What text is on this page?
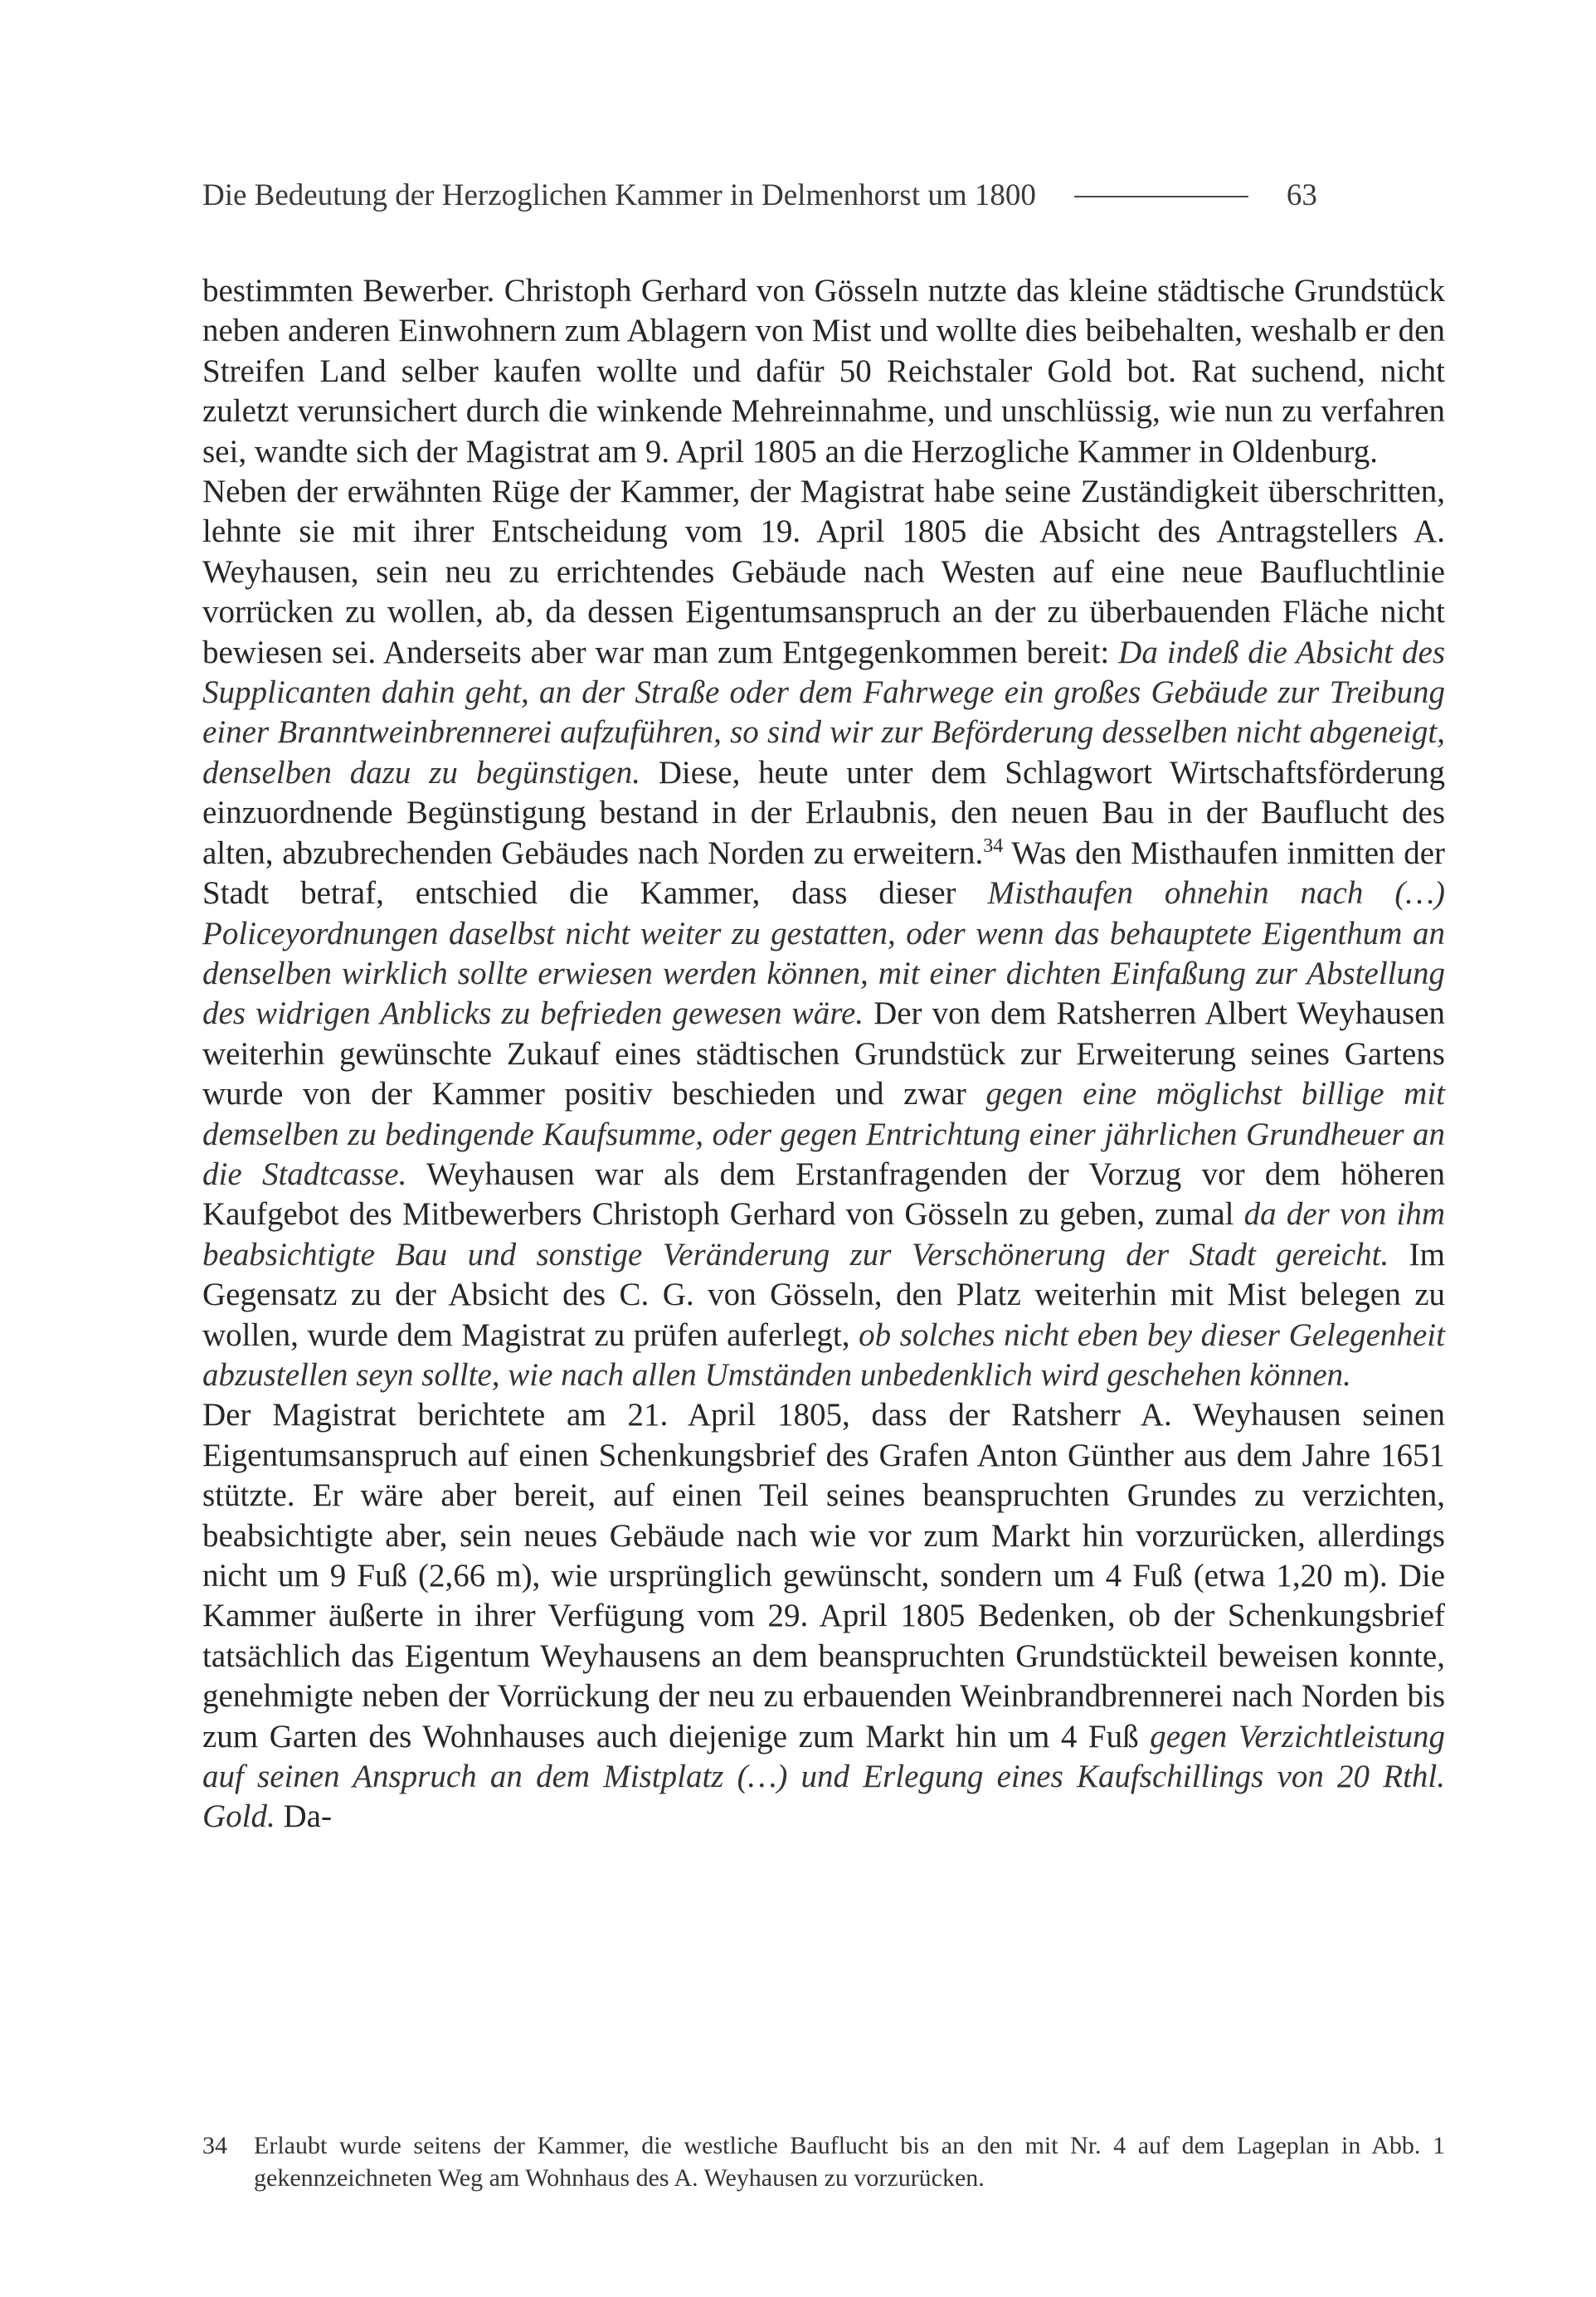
Die Bedeutung der Herzoglichen Kammer in Delmenhorst um 1800	63

bestimmten Bewerber. Christoph Gerhard von Gösseln nutzte das kleine städtische Grundstück neben anderen Einwohnern zum Ablagern von Mist und wollte dies beibehalten, weshalb er den Streifen Land selber kaufen wollte und dafür 50 Reichstaler Gold bot. Rat suchend, nicht zuletzt verunsichert durch die winkende Mehreinnahme, und unschlüssig, wie nun zu verfahren sei, wandte sich der Magistrat am 9. April 1805 an die Herzogliche Kammer in Oldenburg.

Neben der erwähnten Rüge der Kammer, der Magistrat habe seine Zuständigkeit überschritten, lehnte sie mit ihrer Entscheidung vom 19. April 1805 die Absicht des Antragstellers A. Weyhausen, sein neu zu errichtendes Gebäude nach Westen auf eine neue Baufluchtlinie vorrücken zu wollen, ab, da dessen Eigentumsanspruch an der zu überbauenden Fläche nicht bewiesen sei. Anderseits aber war man zum Entgegenkommen bereit: Da indeß die Absicht des Supplicanten dahin geht, an der Straße oder dem Fahrwege ein großes Gebäude zur Treibung einer Branntweinbrennerei aufzuführen, so sind wir zur Beförderung desselben nicht abgeneigt, denselben dazu zu begünstigen. Diese, heute unter dem Schlagwort Wirtschaftsförderung einzuordnende Begünstigung bestand in der Erlaubnis, den neuen Bau in der Bauflucht des alten, abzubrechenden Gebäudes nach Norden zu erweitern.$^{34}$ Was den Misthaufen inmitten der Stadt betraf, entschied die Kammer, dass dieser Misthaufen ohnehin nach (…) Policeyordnungen daselbst nicht weiter zu gestatten, oder wenn das behauptete Eigenthum an denselben wirklich sollte erwiesen werden können, mit einer dichten Einfaßung zur Abstellung des widrigen Anblicks zu befrieden gewesen wäre. Der von dem Ratsherren Albert Weyhausen weiterhin gewünschte Zukauf eines städtischen Grundstück zur Erweiterung seines Gartens wurde von der Kammer positiv beschieden und zwar gegen eine möglichst billige mit demselben zu bedingende Kaufsumme, oder gegen Entrichtung einer jährlichen Grundheuer an die Stadtcasse. Weyhausen war als dem Erstanfragenden der Vorzug vor dem höheren Kaufgebot des Mitbewerbers Christoph Gerhard von Gösseln zu geben, zumal da der von ihm beabsichtigte Bau und sonstige Veränderung zur Verschönerung der Stadt gereicht. Im Gegensatz zu der Absicht des C. G. von Gösseln, den Platz weiterhin mit Mist belegen zu wollen, wurde dem Magistrat zu prüfen auferlegt, ob solches nicht eben bey dieser Gelegenheit abzustellen seyn sollte, wie nach allen Umständen unbedenklich wird geschehen können.

Der Magistrat berichtete am 21. April 1805, dass der Ratsherr A. Weyhausen seinen Eigentumsanspruch auf einen Schenkungsbrief des Grafen Anton Günther aus dem Jahre 1651 stützte. Er wäre aber bereit, auf einen Teil seines beanspruchten Grundes zu verzichten, beabsichtigte aber, sein neues Gebäude nach wie vor zum Markt hin vorzurücken, allerdings nicht um 9 Fuß (2,66 m), wie ursprünglich gewünscht, sondern um 4 Fuß (etwa 1,20 m). Die Kammer äußerte in ihrer Verfügung vom 29. April 1805 Bedenken, ob der Schenkungsbrief tatsächlich das Eigentum Weyhausens an dem beanspruchten Grundstückteil beweisen konnte, genehmigte neben der Vorrückung der neu zu erbauenden Weinbrandbrennerei nach Norden bis zum Garten des Wohnhauses auch diejenige zum Markt hin um 4 Fuß gegen Verzichtleistung auf seinen Anspruch an dem Mistplatz (…) und Erlegung eines Kaufschillings von 20 Rthl. Gold. Da-

34	Erlaubt wurde seitens der Kammer, die westliche Bauflucht bis an den mit Nr. 4 auf dem Lageplan in Abb. 1 gekennzeichneten Weg am Wohnhaus des A. Weyhausen zu vorzurücken.
